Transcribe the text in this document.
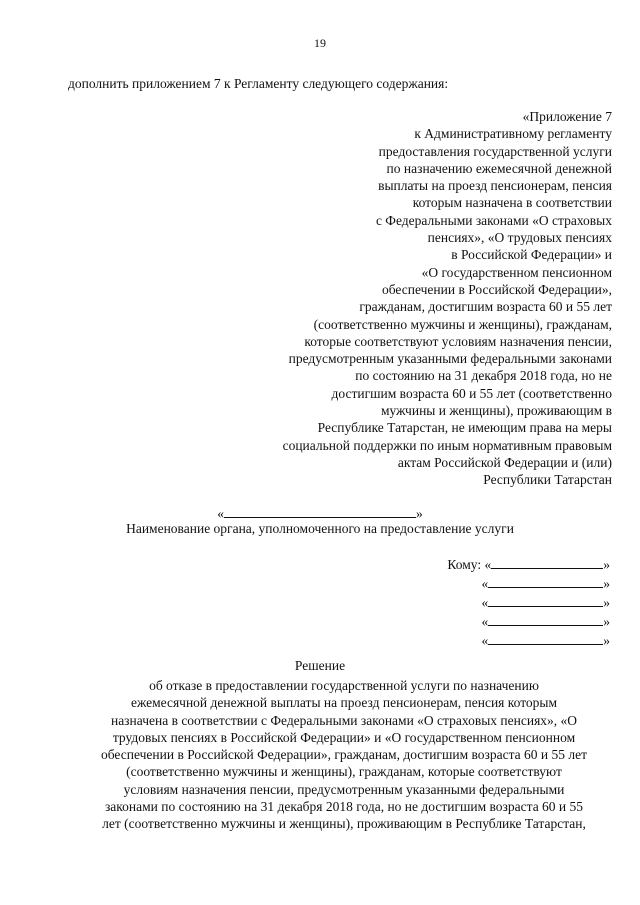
19
дополнить приложением 7 к Регламенту следующего содержания:
«Приложение 7
к Административному регламенту
предоставления государственной услуги
по назначению ежемесячной денежной
выплаты на проезд пенсионерам, пенсия
которым назначена в соответствии
с Федеральными законами «О страховых
пенсиях», «О трудовых пенсиях
в Российской Федерации» и
«О государственном пенсионном
обеспечении в Российской Федерации»,
гражданам, достигшим возраста 60 и 55 лет
(соответственно мужчины и женщины), гражданам,
которые соответствуют условиям назначения пенсии,
предусмотренным указанными федеральными законами
по состоянию на 31 декабря 2018 года, но не
достигшим возраста 60 и 55 лет (соответственно
мужчины и женщины), проживающим в
Республике Татарстан, не имеющим права на меры
социальной поддержки по иным нормативным правовым
актам Российской Федерации и (или)
Республики Татарстан
«	»
Наименование органа, уполномоченного на предоставление услуги
Кому: «	»
«	»
«	»
«	»
«	»
Решение
об отказе в предоставлении государственной услуги по назначению
ежемесячной денежной выплаты на проезд пенсионерам, пенсия которым
назначена в соответствии с Федеральными законами «О страховых пенсиях», «О
трудовых пенсиях в Российской Федерации» и «О государственном пенсионном
обеспечении в Российской Федерации», гражданам, достигшим возраста 60 и 55 лет
(соответственно мужчины и женщины), гражданам, которые соответствуют
условиям назначения пенсии, предусмотренным указанными федеральными
законами по состоянию на 31 декабря 2018 года, но не достигшим возраста 60 и 55
лет (соответственно мужчины и женщины), проживающим в Республике Татарстан,
